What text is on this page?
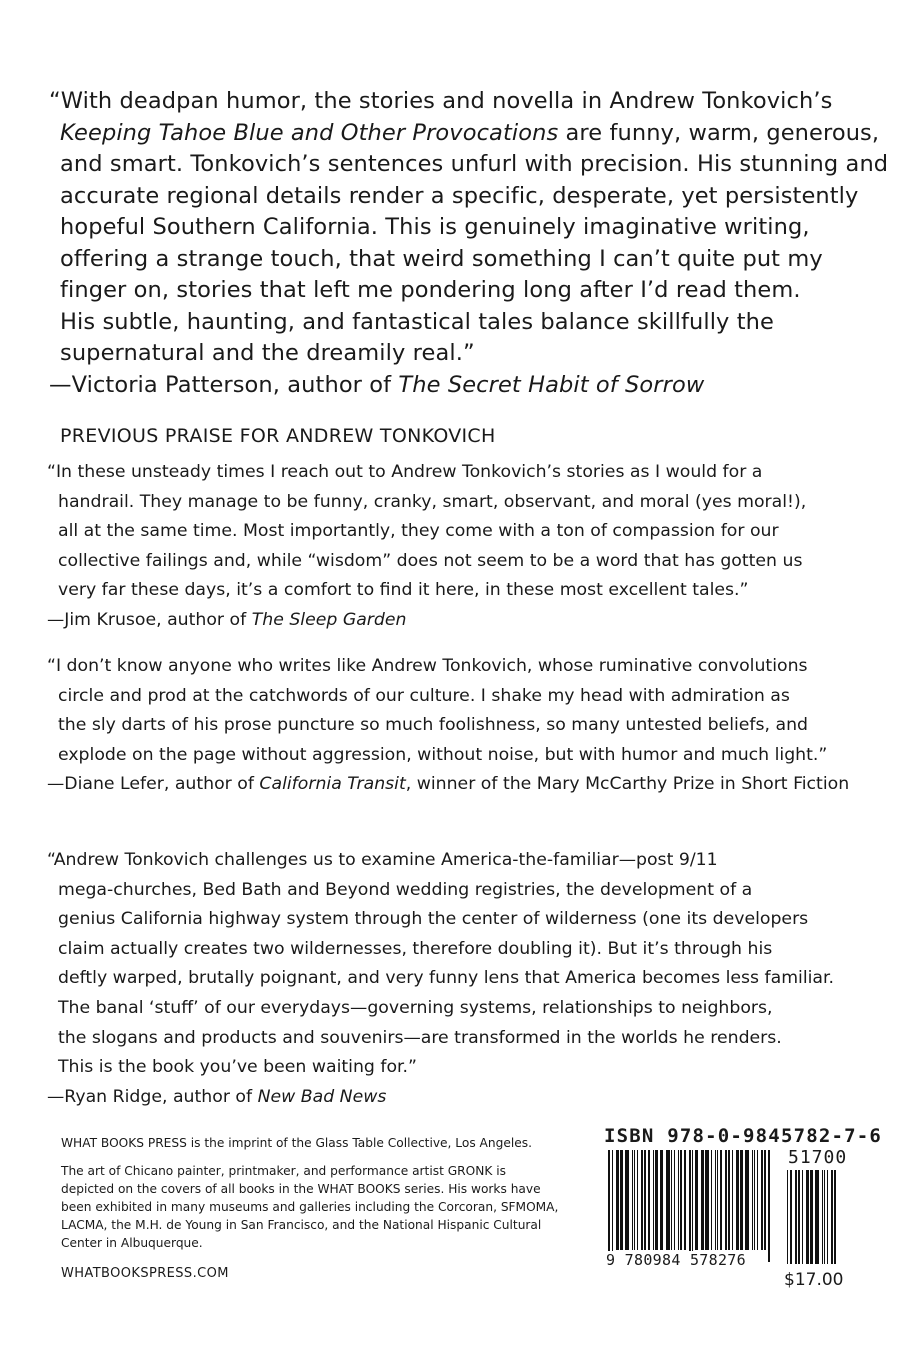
“With deadpan humor, the stories and novella in Andrew Tonkovich’s
Keeping Tahoe Blue and Other Provocations are funny, warm, generous,
and smart. Tonkovich’s sentences unfurl with precision. His stunning and
accurate regional details render a specific, desperate, yet persistently
hopeful Southern California. This is genuinely imaginative writing,
offering a strange touch, that weird something I can’t quite put my
finger on, stories that left me pondering long after I’d read them.
His subtle, haunting, and fantastical tales balance skillfully the
supernatural and the dreamily real.”
—Victoria Patterson, author of The Secret Habit of Sorrow
PREVIOUS PRAISE FOR ANDREW TONKOVICH
“In these unsteady times I reach out to Andrew Tonkovich’s stories as I would for a
handrail. They manage to be funny, cranky, smart, observant, and moral (yes moral!),
all at the same time. Most importantly, they come with a ton of compassion for our
collective failings and, while “wisdom” does not seem to be a word that has gotten us
very far these days, it’s a comfort to find it here, in these most excellent tales.”
—Jim Krusoe, author of The Sleep Garden
“I don’t know anyone who writes like Andrew Tonkovich, whose ruminative convolutions
circle and prod at the catchwords of our culture. I shake my head with admiration as
the sly darts of his prose puncture so much foolishness, so many untested beliefs, and
explode on the page without aggression, without noise, but with humor and much light.”
—Diane Lefer, author of California Transit, winner of the Mary McCarthy Prize in Short Fiction
“Andrew Tonkovich challenges us to examine America-the-familiar—post 9/11
mega-churches, Bed Bath and Beyond wedding registries, the development of a
genius California highway system through the center of wilderness (one its developers
claim actually creates two wildernesses, therefore doubling it). But it’s through his
deftly warped, brutally poignant, and very funny lens that America becomes less familiar.
The banal ‘stuff’ of our everydays—governing systems, relationships to neighbors,
the slogans and products and souvenirs—are transformed in the worlds he renders.
This is the book you’ve been waiting for.”
—Ryan Ridge, author of New Bad News
WHAT BOOKS PRESS is the imprint of the Glass Table Collective, Los Angeles.
The art of Chicano painter, printmaker, and performance artist GRONK is
depicted on the covers of all books in the WHAT BOOKS series. His works have
been exhibited in many museums and galleries including the Corcoran, SFMOMA,
LACMA, the M.H. de Young in San Francisco, and the National Hispanic Cultural
Center in Albuquerque.
WHATBOOKSPRESS.COM
ISBN 978-0-9845782-7-6
9 780984 578276
51700
$17.00
